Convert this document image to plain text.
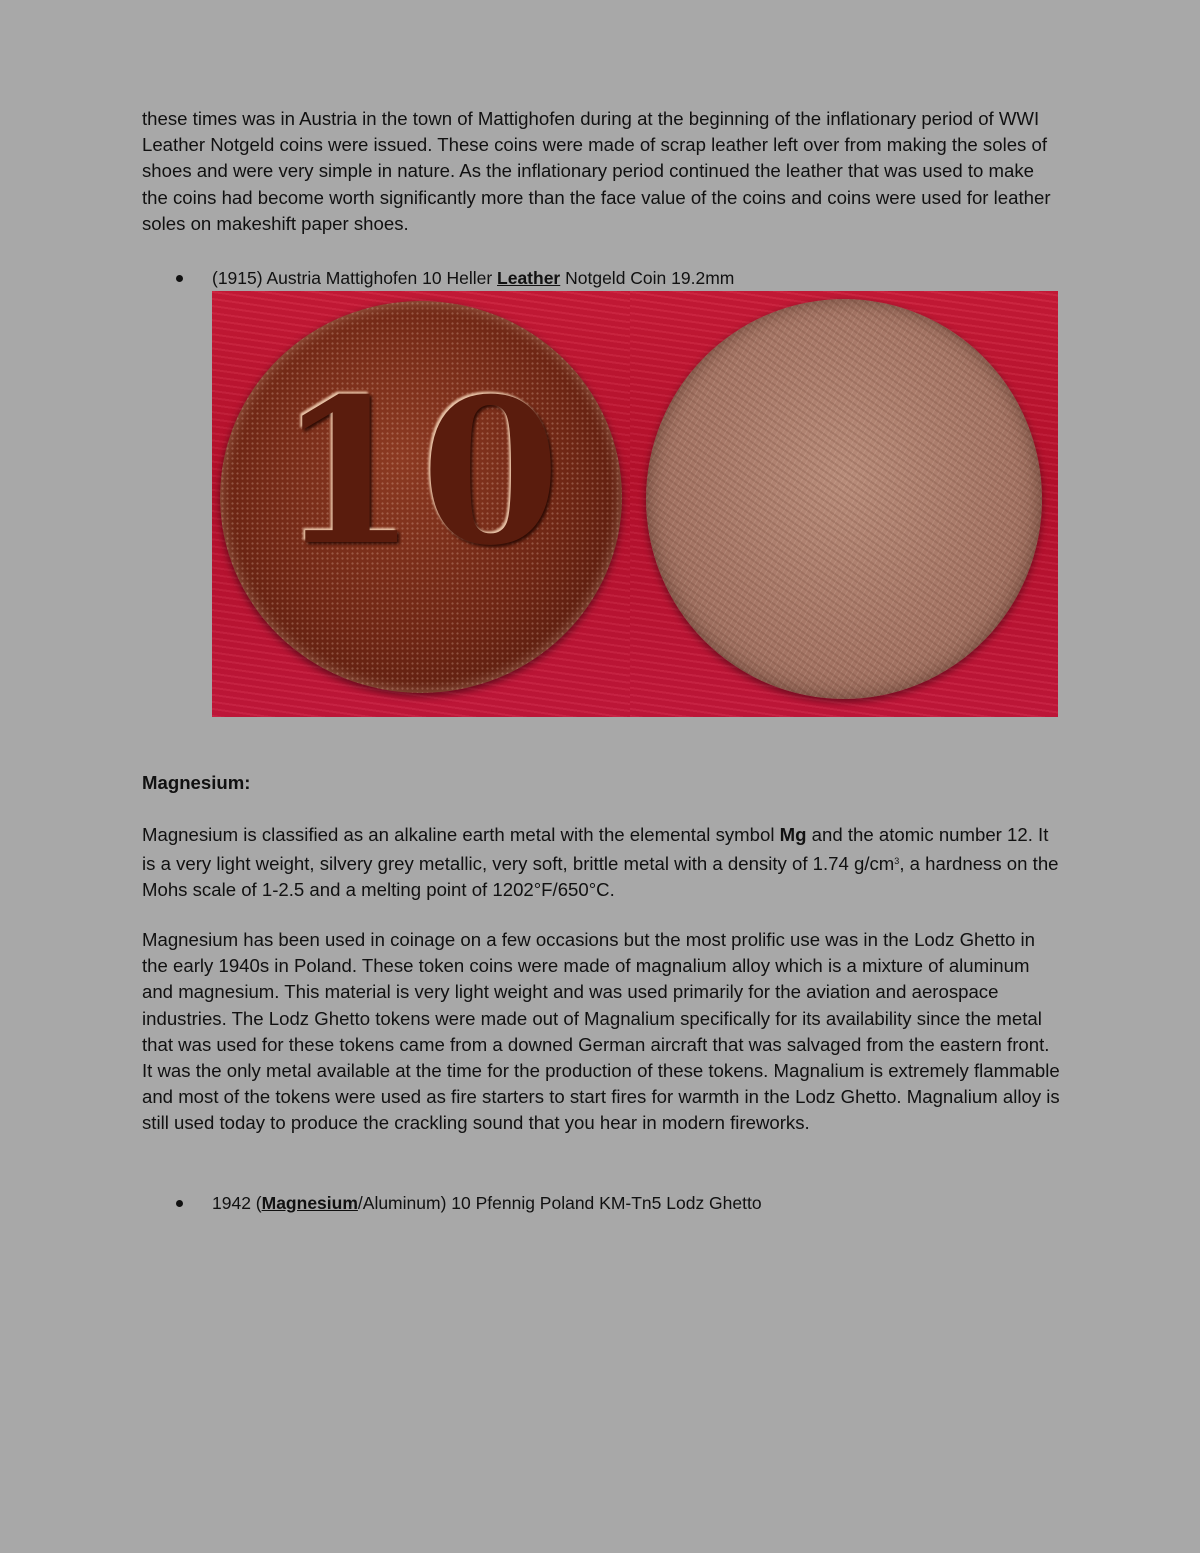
these times was in Austria in the town of Mattighofen during at the beginning of the inflationary period of WWI Leather Notgeld coins were issued. These coins were made of scrap leather left over from making the soles of shoes and were very simple in nature. As the inflationary period continued the leather that was used to make the coins had become worth significantly more than the face value of the coins and coins were used for leather soles on makeshift paper shoes.

(1915) Austria Mattighofen 10 Heller Leather Notgeld Coin 19.2mm
10
Magnesium:

Magnesium is classified as an alkaline earth metal with the elemental symbol Mg and the atomic number 12. It is a very light weight, silvery grey metallic, very soft, brittle metal with a density of 1.74 $g/cm^3$, a hardness on the Mohs scale of 1-2.5 and a melting point of 1202°F/650°C.

Magnesium has been used in coinage on a few occasions but the most prolific use was in the Lodz Ghetto in the early 1940s in Poland. These token coins were made of magnalium alloy which is a mixture of aluminum and magnesium. This material is very light weight and was used primarily for the aviation and aerospace industries. The Lodz Ghetto tokens were made out of Magnalium specifically for its availability since the metal that was used for these tokens came from a downed German aircraft that was salvaged from the eastern front. It was the only metal available at the time for the production of these tokens. Magnalium is extremely flammable and most of the tokens were used as fire starters to start fires for warmth in the Lodz Ghetto. Magnalium alloy is still used today to produce the crackling sound that you hear in modern fireworks.

1942 (Magnesium/Aluminum) 10 Pfennig Poland KM-Tn5 Lodz Ghetto
